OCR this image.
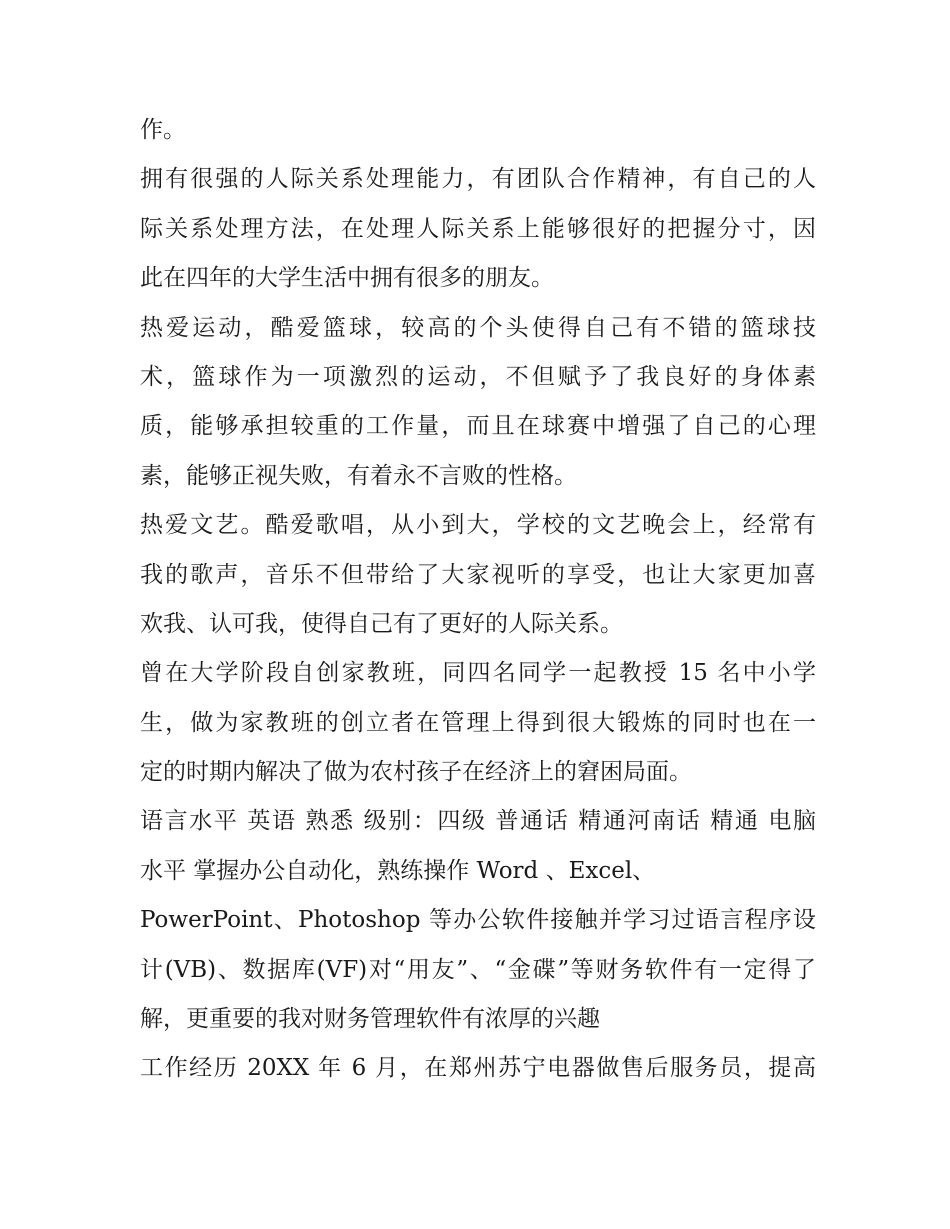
作。
拥有很强的人际关系处理能力，有团队合作精神，有自己的人
际关系处理方法，在处理人际关系上能够很好的把握分寸，因
此在四年的大学生活中拥有很多的朋友。
热爱运动，酷爱篮球，较高的个头使得自己有不错的篮球技
术，篮球作为一项激烈的运动，不但赋予了我良好的身体素
质，能够承担较重的工作量，而且在球赛中增强了自己的心理
素，能够正视失败，有着永不言败的性格。
热爱文艺。酷爱歌唱，从小到大，学校的文艺晚会上，经常有
我的歌声，音乐不但带给了大家视听的享受，也让大家更加喜
欢我、认可我，使得自己有了更好的人际关系。
曾在大学阶段自创家教班，同四名同学一起教授 15 名中小学
生，做为家教班的创立者在管理上得到很大锻炼的同时也在一
定的时期内解决了做为农村孩子在经济上的窘困局面。
语言水平 英语 熟悉 级别：四级 普通话 精通河南话 精通 电脑
水平 掌握办公自动化，熟练操作 Word 、Excel、
PowerPoint、Photoshop 等办公软件接触并学习过语言程序设
计(VB)、数据库(VF)对“用友”、“金碟”等财务软件有一定得了
解，更重要的我对财务管理软件有浓厚的兴趣
工作经历 20XX 年 6 月，在郑州苏宁电器做售后服务员，提高
